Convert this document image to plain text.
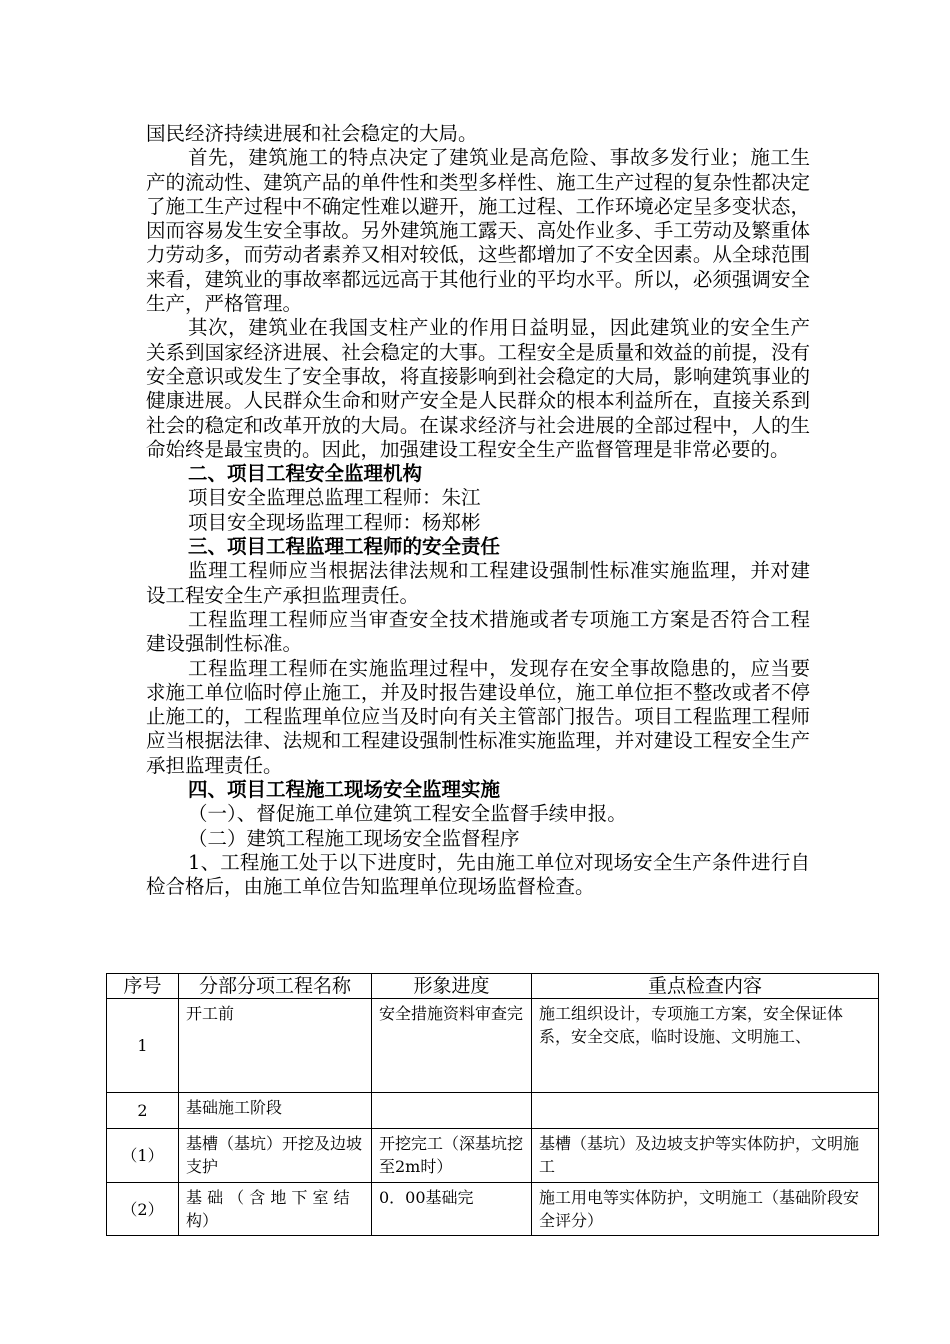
国民经济持续进展和社会稳定的大局。

首先，建筑施工的特点决定了建筑业是高危险、事故多发行业；施工生产的流动性、建筑产品的单件性和类型多样性、施工生产过程的复杂性都决定了施工生产过程中不确定性难以避开，施工过程、工作环境必定呈多变状态，因而容易发生安全事故。另外建筑施工露天、高处作业多、手工劳动及繁重体力劳动多，而劳动者素养又相对较低，这些都增加了不安全因素。从全球范围来看，建筑业的事故率都远远高于其他行业的平均水平。所以，必须强调安全生产，严格管理。

其次，建筑业在我国支柱产业的作用日益明显，因此建筑业的安全生产关系到国家经济进展、社会稳定的大事。工程安全是质量和效益的前提，没有安全意识或发生了安全事故，将直接影响到社会稳定的大局，影响建筑事业的健康进展。人民群众生命和财产安全是人民群众的根本利益所在，直接关系到社会的稳定和改革开放的大局。在谋求经济与社会进展的全部过程中，人的生命始终是最宝贵的。因此，加强建设工程安全生产监督管理是非常必要的。

二、项目工程安全监理机构

项目安全监理总监理工程师：朱江

项目安全现场监理工程师：杨郑彬

三、项目工程监理工程师的安全责任

监理工程师应当根据法律法规和工程建设强制性标准实施监理，并对建设工程安全生产承担监理责任。

工程监理工程师应当审查安全技术措施或者专项施工方案是否符合工程建设强制性标准。

工程监理工程师在实施监理过程中，发现存在安全事故隐患的，应当要求施工单位临时停止施工，并及时报告建设单位，施工单位拒不整改或者不停止施工的，工程监理单位应当及时向有关主管部门报告。项目工程监理工程师应当根据法律、法规和工程建设强制性标准实施监理，并对建设工程安全生产承担监理责任。

四、项目工程施工现场安全监理实施

（一）、督促施工单位建筑工程安全监督手续申报。

（二）建筑工程施工现场安全监督程序

1、工程施工处于以下进度时，先由施工单位对现场安全生产条件进行自检合格后，由施工单位告知监理单位现场监督检查。

序号	分部分项工程名称	形象进度	重点检查内容
1	开工前	安全措施资料审查完	施工组织设计，专项施工方案，安全保证体系，安全交底，临时设施、文明施工、
2	基础施工阶段		
（1）	基槽（基坑）开挖及边坡支护	开挖完工（深基坑挖至2m时）	基槽（基坑）及边坡支护等实体防护，文明施工
（2）	基 础 （ 含 地 下 室 结 构）	0．00基础完	施工用电等实体防护，文明施工（基础阶段安全评分）
